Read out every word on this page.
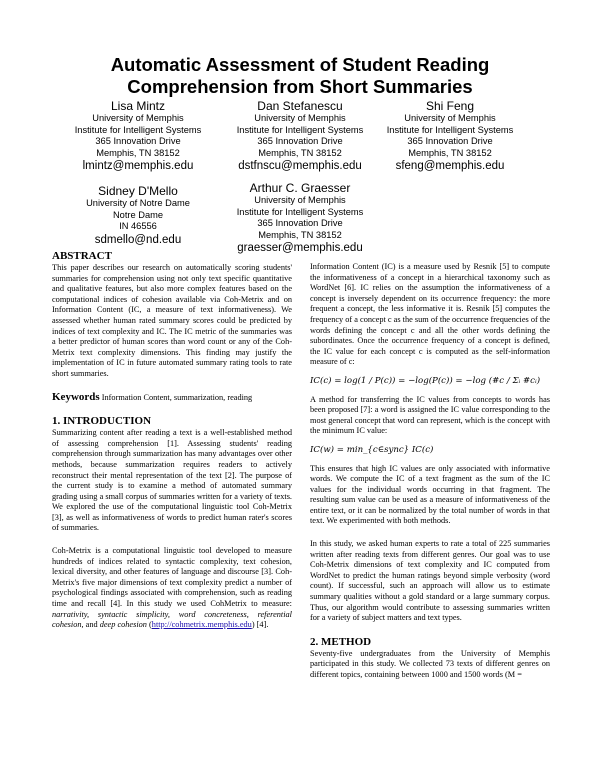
Automatic Assessment of Student Reading
Comprehension from Short Summaries
Lisa Mintz
University of Memphis
Institute for Intelligent Systems
365 Innovation Drive
Memphis, TN 38152
lmintz@memphis.edu
Dan Stefanescu
University of Memphis
Institute for Intelligent Systems
365 Innovation Drive
Memphis, TN 38152
dstfnscu@memphis.edu
Shi Feng
University of Memphis
Institute for Intelligent Systems
365 Innovation Drive
Memphis, TN 38152
sfeng@memphis.edu
Sidney D'Mello
University of Notre Dame
Notre Dame
IN 46556
sdmello@nd.edu
Arthur C. Graesser
University of Memphis
Institute for Intelligent Systems
365 Innovation Drive
Memphis, TN 38152
graesser@memphis.edu
ABSTRACT

This paper describes our research on automatically scoring students' summaries for comprehension using not only text specific quantitative and qualitative features, but also more complex features based on the computational indices of cohesion available via Coh-Metrix and on Information Content (IC, a measure of text informativeness). We assessed whether human rated summary scores could be predicted by indices of text complexity and IC. The IC metric of the summaries was a better predictor of human scores than word count or any of the Coh-Metrix text complexity dimensions. This finding may justify the implementation of IC in future automated summary rating tools to rate short summaries.

Keywords Information Content, summarization, reading

1. INTRODUCTION

Summarizing content after reading a text is a well-established method of assessing comprehension [1]. Assessing students' reading comprehension through summarization has many advantages over other methods, because summarization requires readers to actively reconstruct their mental representation of the text [2]. The purpose of the current study is to examine a method of automated summary grading using a small corpus of summaries written for a variety of texts. We explored the use of the computational linguistic tool Coh-Metrix [3], as well as informativeness of words to predict human rater's scores of summaries.

Coh-Metrix is a computational linguistic tool developed to measure hundreds of indices related to syntactic complexity, text cohesion, lexical diversity, and other features of language and discourse [3]. Coh-Metrix's five major dimensions of text complexity predict a number of psychological findings associated with comprehension, such as reading time and recall [4]. In this study we used CohMetrix to measure: narrativity, syntactic simplicity, word concreteness, referential cohesion, and deep cohesion (http://cohmetrix.memphis.edu) [4].

Information Content (IC) is a measure used by Resnik [5] to compute the informativeness of a concept in a hierarchical taxonomy such as WordNet [6]. IC relies on the assumption the informativeness of a concept is inversely dependent on its occurrence frequency: the more frequent a concept, the less informative it is. Resnik [5] computes the frequency of a concept c as the sum of the occurrence frequencies of the words defining the concept c and all the other words defining the subordinates. Once the occurrence frequency of a concept is defined, the IC value for each concept c is computed as the self-information measure of c:

IC(c) = log(1 / P(c)) = −log(P(c)) = −log (#c / Σᵢ #cᵢ)

A method for transferring the IC values from concepts to words has been proposed [7]: a word is assigned the IC value corresponding to the most general concept that word can represent, which is the concept with the minimum IC value:

IC(w) = min_{c∈sync} IC(c)

This ensures that high IC values are only associated with informative words. We compute the IC of a text fragment as the sum of the IC values for the individual words occurring in that fragment. The resulting sum value can be used as a measure of informativeness of the entire text, or it can be normalized by the total number of words in that text. We experimented with both methods.

In this study, we asked human experts to rate a total of 225 summaries written after reading texts from different genres. Our goal was to use Coh-Metrix dimensions of text complexity and IC computed from WordNet to predict the human ratings beyond simple verbosity (word count). If successful, such an approach will allow us to estimate summary qualities without a gold standard or a large summary corpus. Thus, our algorithm would contribute to assessing summaries written for a variety of subject matters and text types.

2. METHOD

Seventy-five undergraduates from the University of Memphis participated in this study. We collected 73 texts of different genres on different topics, containing between 1000 and 1500 words (M =
